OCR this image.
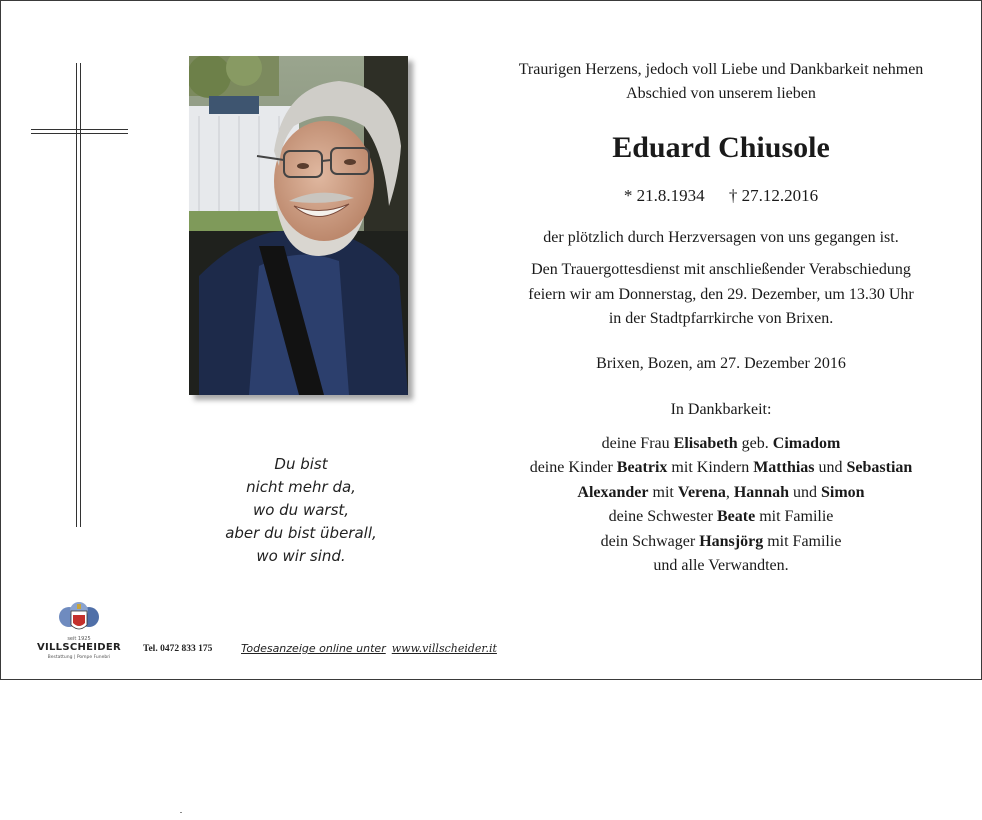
Du bist
nicht mehr da,
wo du warst,
aber du bist überall,
wo wir sind.
Traurigen Herzens, jedoch voll Liebe und Dankbarkeit nehmen
Abschied von unserem lieben
Eduard Chiusole
* 21.8.1934 † 27.12.2016
der plötzlich durch Herzversagen von uns gegangen ist.
Den Trauergottesdienst mit anschließender Verabschiedung
feiern wir am Donnerstag, den 29. Dezember, um 13.30 Uhr
in der Stadtpfarrkirche von Brixen.
Brixen, Bozen, am 27. Dezember 2016
In Dankbarkeit:
deine Frau Elisabeth geb. Cimadom
deine Kinder Beatrix mit Kindern Matthias und Sebastian
Alexander mit Verena, Hannah und Simon
deine Schwester Beate mit Familie
dein Schwager Hansjörg mit Familie
und alle Verwandten.
seit 1925
VILLSCHEIDER
Bestattung | Pompe Funebri
Tel. 0472 833 175	Todesanzeige online unter www.villscheider.it
